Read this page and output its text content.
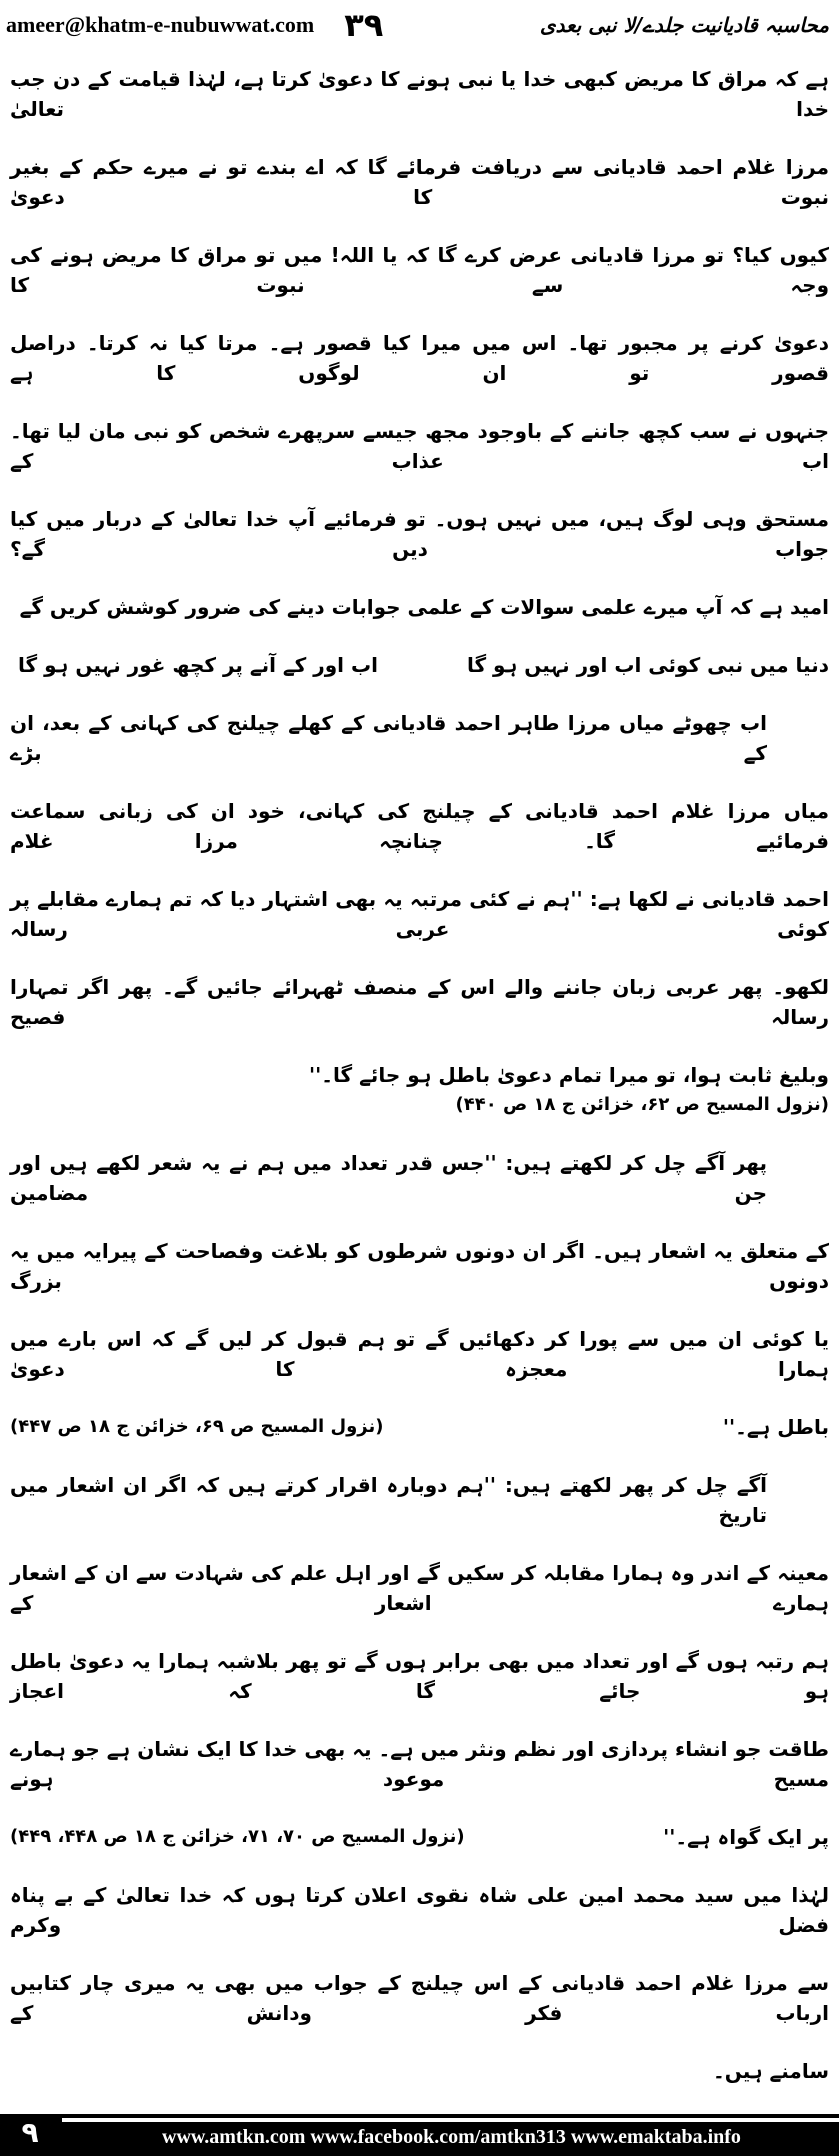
ameer@khatm-e-nubuwwat.com ۳۹	محاسبہ قادیانیت جلدے/لا نبی بعدی
ہے کہ مراق کا مریض کبھی خدا یا نبی ہونے کا دعویٰ کرتا ہے، لہٰذا قیامت کے دن جب خدا تعالیٰ
مرزا غلام احمد قادیانی سے دریافت فرمائے گا کہ اے بندے تو نے میرے حکم کے بغیر نبوت کا دعویٰ
کیوں کیا؟ تو مرزا قادیانی عرض کرے گا کہ یا اللہ! میں تو مراق کا مریض ہونے کی وجہ سے نبوت کا
دعویٰ کرنے پر مجبور تھا۔ اس میں میرا کیا قصور ہے۔ مرتا کیا نہ کرتا۔ دراصل قصور تو ان لوگوں کا ہے
جنہوں نے سب کچھ جاننے کے باوجود مجھ جیسے سرپھرے شخص کو نبی مان لیا تھا۔ اب عذاب کے
مستحق وہی لوگ ہیں، میں نہیں ہوں۔ تو فرمائیے آپ خدا تعالیٰ کے دربار میں کیا جواب دیں گے؟
امید ہے کہ آپ میرے علمی سوالات کے علمی جوابات دینے کی ضرور کوشش کریں گے
دنیا میں نبی کوئی اب اور نہیں ہو گا
اب اور کے آنے پر کچھ غور نہیں ہو گا
اب چھوٹے میاں مرزا طاہر احمد قادیانی کے کھلے چیلنج کی کہانی کے بعد، ان کے بڑے
میاں مرزا غلام احمد قادیانی کے چیلنج کی کہانی، خود ان کی زبانی سماعت فرمائیے گا۔ چنانچہ مرزا غلام
احمد قادیانی نے لکھا ہے: ''ہم نے کئی مرتبہ یہ بھی اشتہار دیا کہ تم ہمارے مقابلے پر کوئی عربی رسالہ
لکھو۔ پھر عربی زبان جاننے والے اس کے منصف ٹھہرائے جائیں گے۔ پھر اگر تمہارا رسالہ فصیح
وبلیغ ثابت ہوا، تو میرا تمام دعویٰ باطل ہو جائے گا۔''
(نزول المسیح ص ۶۲، خزائن ج ۱۸ ص ۴۴۰)
پھر آگے چل کر لکھتے ہیں: ''جس قدر تعداد میں ہم نے یہ شعر لکھے ہیں اور جن مضامین
کے متعلق یہ اشعار ہیں۔ اگر ان دونوں شرطوں کو بلاغت وفصاحت کے پیرایہ میں یہ دونوں بزرگ
یا کوئی ان میں سے پورا کر دکھائیں گے تو ہم قبول کر لیں گے کہ اس بارے میں ہمارا معجزہ کا دعویٰ
باطل ہے۔''
(نزول المسیح ص ۶۹، خزائن ج ۱۸ ص ۴۴۷)
آگے چل کر پھر لکھتے ہیں: ''ہم دوبارہ اقرار کرتے ہیں کہ اگر ان اشعار میں تاریخ
معینہ کے اندر وہ ہمارا مقابلہ کر سکیں گے اور اہل علم کی شہادت سے ان کے اشعار ہمارے اشعار کے
ہم رتبہ ہوں گے اور تعداد میں بھی برابر ہوں گے تو پھر بلاشبہ ہمارا یہ دعویٰ باطل ہو جائے گا کہ اعجاز
طاقت جو انشاء پردازی اور نظم ونثر میں ہے۔ یہ بھی خدا کا ایک نشان ہے جو ہمارے مسیح موعود ہونے
پر ایک گواہ ہے۔''
(نزول المسیح ص ۷۰، ۷۱، خزائن ج ۱۸ ص ۴۴۸، ۴۴۹)
لہٰذا میں سید محمد امین علی شاہ نقوی اعلان کرتا ہوں کہ خدا تعالیٰ کے بے پناہ فضل وکرم
سے مرزا غلام احمد قادیانی کے اس چیلنج کے جواب میں بھی یہ میری چار کتابیں ارباب فکر ودانش کے
سامنے ہیں۔
۹	www.amtkn.com www.facebook.com/amtkn313 www.emaktaba.info
